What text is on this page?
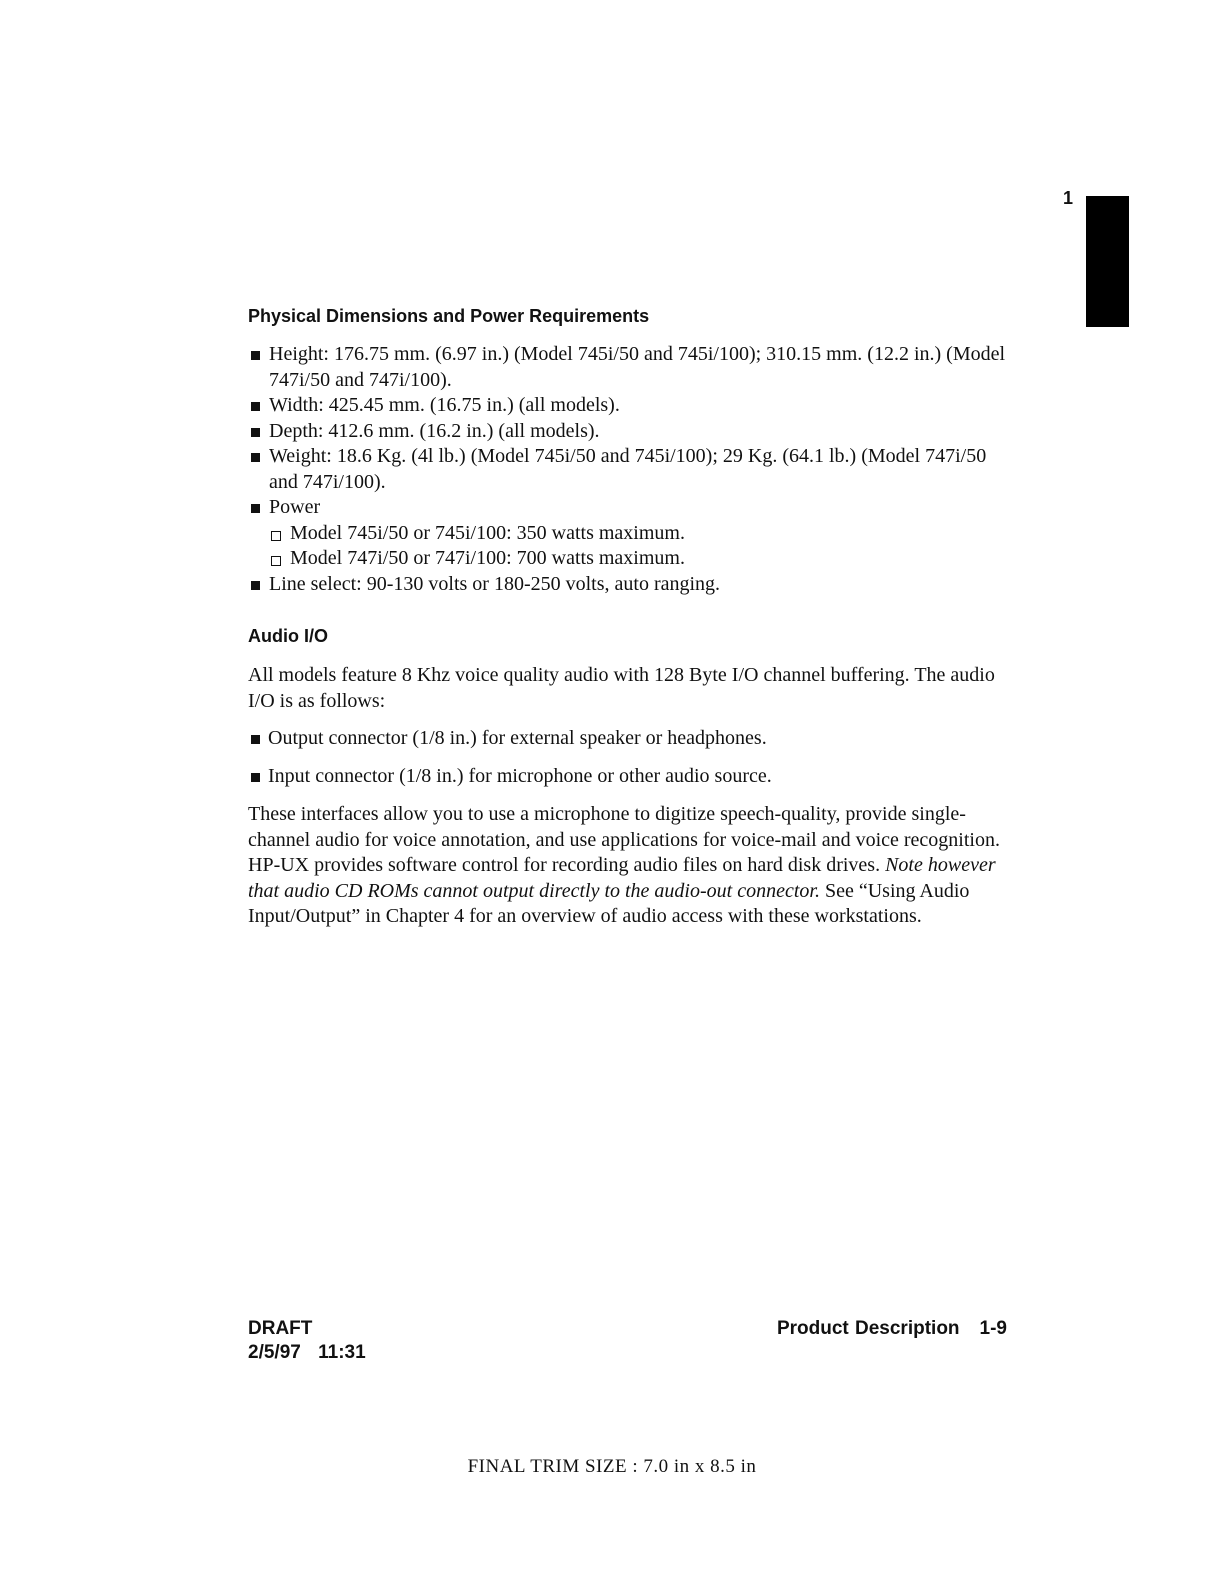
1
Physical Dimensions and Power Requirements
Height: 176.75 mm. (6.97 in.) (Model 745i/50 and 745i/100); 310.15 mm. (12.2 in.) (Model 747i/50 and 747i/100).
Width: 425.45 mm. (16.75 in.) (all models).
Depth: 412.6 mm. (16.2 in.) (all models).
Weight: 18.6 Kg. (4l lb.) (Model 745i/50 and 745i/100); 29 Kg. (64.1 lb.) (Model 747i/50 and 747i/100).
Power
Model 745i/50 or 745i/100: 350 watts maximum.
Model 747i/50 or 747i/100: 700 watts maximum.
Line select: 90-130 volts or 180-250 volts, auto ranging.
Audio I/O

All models feature 8 Khz voice quality audio with 128 Byte I/O channel buffering. The audio I/O is as follows:

Output connector (1/8 in.) for external speaker or headphones.
Input connector (1/8 in.) for microphone or other audio source.

These interfaces allow you to use a microphone to digitize speech-quality, provide single-channel audio for voice annotation, and use applications for voice-mail and voice recognition. HP-UX provides software control for recording audio files on hard disk drives. Note however that audio CD ROMs cannot output directly to the audio-out connector. See “Using Audio Input/Output” in Chapter 4 for an overview of audio access with these workstations.

DRAFT
2/5/97 11:31
Product Description 1-9
FINAL TRIM SIZE : 7.0 in x 8.5 in
